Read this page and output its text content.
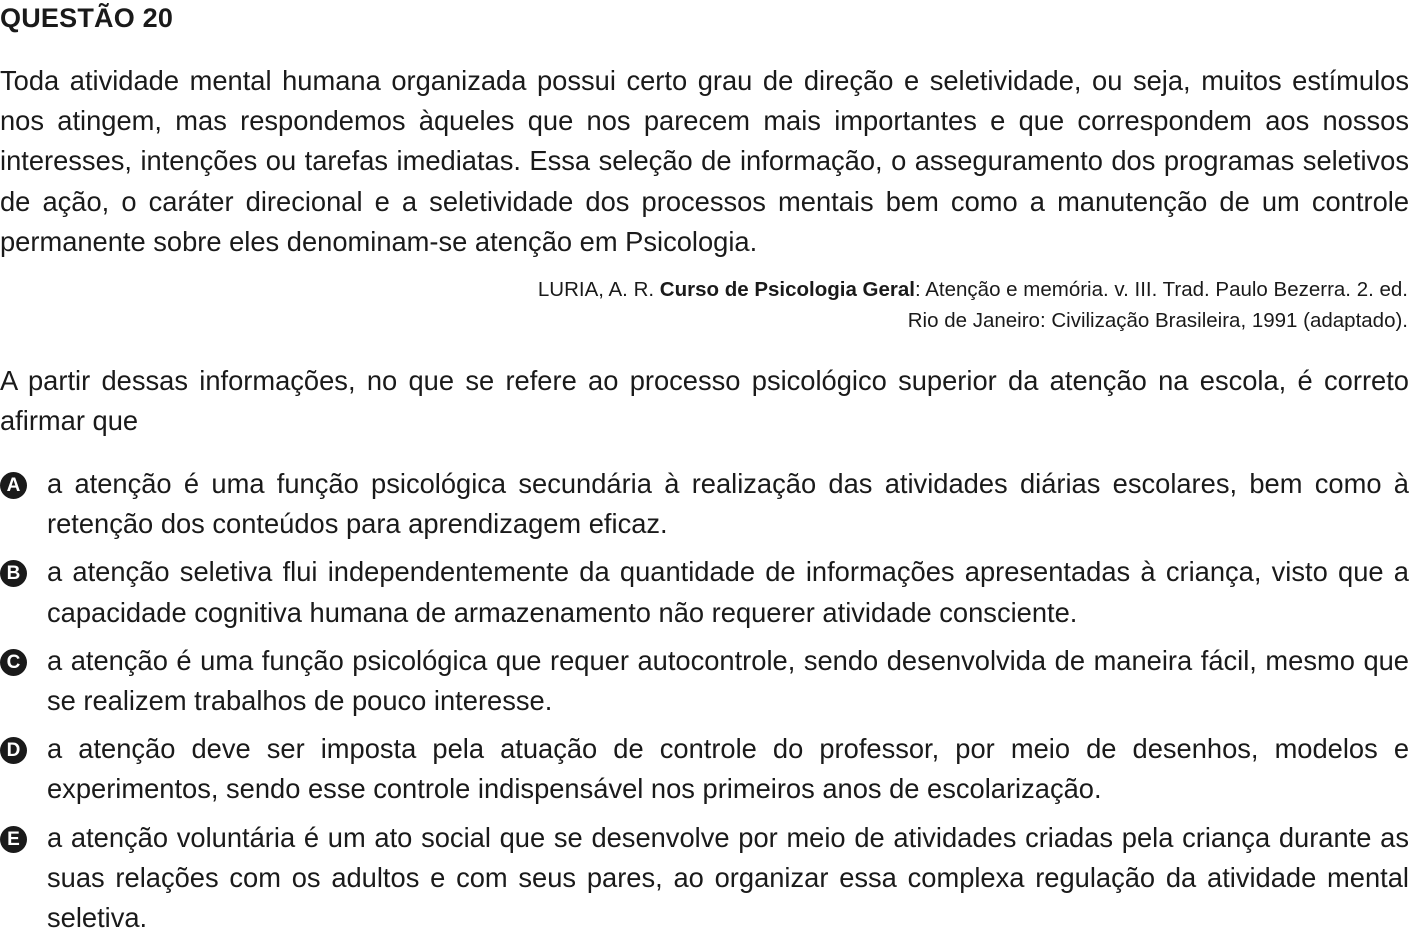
QUESTÃO 20

Toda atividade mental humana organizada possui certo grau de direção e seletividade, ou seja, muitos estímulos nos atingem, mas respondemos àqueles que nos parecem mais importantes e que correspondem aos nossos interesses, intenções ou tarefas imediatas. Essa seleção de informação, o asseguramento dos programas seletivos de ação, o caráter direcional e a seletividade dos processos mentais bem como a manutenção de um controle permanente sobre eles denominam-se atenção em Psicologia.

LURIA, A. R. Curso de Psicologia Geral: Atenção e memória. v. III. Trad. Paulo Bezerra. 2. ed.
Rio de Janeiro: Civilização Brasileira, 1991 (adaptado).

A partir dessas informações, no que se refere ao processo psicológico superior da atenção na escola, é correto afirmar que

A a atenção é uma função psicológica secundária à realização das atividades diárias escolares, bem como à retenção dos conteúdos para aprendizagem eficaz.
B a atenção seletiva flui independentemente da quantidade de informações apresentadas à criança, visto que a capacidade cognitiva humana de armazenamento não requerer atividade consciente.
C a atenção é uma função psicológica que requer autocontrole, sendo desenvolvida de maneira fácil, mesmo que se realizem trabalhos de pouco interesse.
D a atenção deve ser imposta pela atuação de controle do professor, por meio de desenhos, modelos e experimentos, sendo esse controle indispensável nos primeiros anos de escolarização.
E a atenção voluntária é um ato social que se desenvolve por meio de atividades criadas pela criança durante as suas relações com os adultos e com seus pares, ao organizar essa complexa regulação da atividade mental seletiva.
